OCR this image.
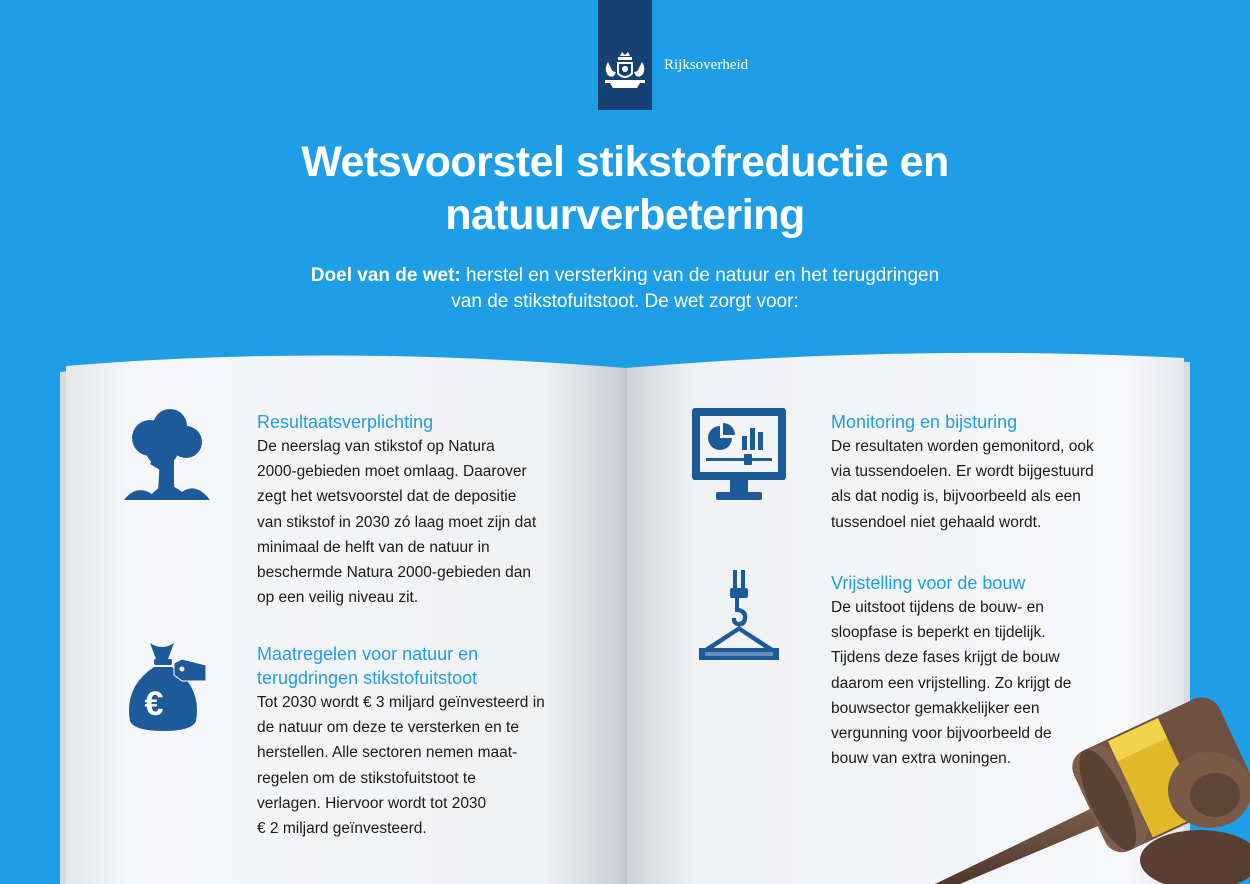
Rijksoverheid
Wetsvoorstel stikstofreductie en
natuurverbetering
Doel van de wet: herstel en versterking van de natuur en het terugdringen van de stikstofuitstoot. De wet zorgt voor:
€
Resultaatsverplichting
De neerslag van stikstof op Natura
2000-gebieden moet omlaag. Daarover
zegt het wetsvoorstel dat de depositie
van stikstof in 2030 zó laag moet zijn dat
minimaal de helft van de natuur in
beschermde Natura 2000-gebieden dan
op een veilig niveau zit.
Maatregelen voor natuur en
terugdringen stikstofuitstoot
Tot 2030 wordt € 3 miljard geïnvesteerd in
de natuur om deze te versterken en te
herstellen. Alle sectoren nemen maat-
regelen om de stikstofuitstoot te
verlagen. Hiervoor wordt tot 2030
€ 2 miljard geïnvesteerd.
Monitoring en bijsturing
De resultaten worden gemonitord, ook
via tussendoelen. Er wordt bijgestuurd
als dat nodig is, bijvoorbeeld als een
tussendoel niet gehaald wordt.
Vrijstelling voor de bouw
De uitstoot tijdens de bouw- en
sloopfase is beperkt en tijdelijk.
Tijdens deze fases krijgt de bouw
daarom een vrijstelling. Zo krijgt de
bouwsector gemakkelijker een
vergunning voor bijvoorbeeld de
bouw van extra woningen.
